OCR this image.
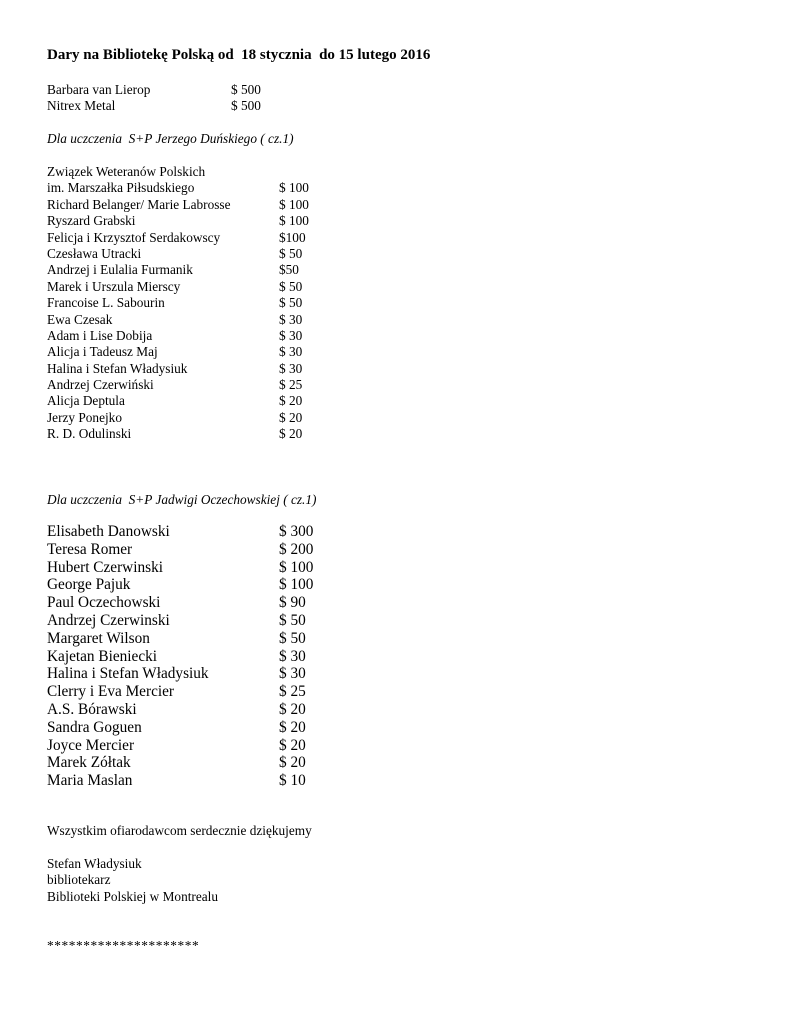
Dary na Bibliotekę Polską od  18 stycznia  do 15 lutego 2016
Barbara van Lierop	$ 500
Nitrex Metal	$ 500
Dla uczczenia  S+P Jerzego Duńskiego ( cz.1)
Związek Weteranów Polskich
im. Marszałka Piłsudskiego	$ 100
Richard Belanger/ Marie Labrosse	$ 100
Ryszard Grabski	$ 100
Felicja i Krzysztof Serdakowscy	$100
Czesława Utracki	$ 50
Andrzej i Eulalia Furmanik	$50
Marek i Urszula Mierscy	$ 50
Francoise L. Sabourin	$ 50
Ewa Czesak	$ 30
Adam i Lise Dobija	$ 30
Alicja i Tadeusz Maj	$ 30
Halina i Stefan Władysiuk	$ 30
Andrzej Czerwiński	$ 25
Alicja Deptula	$ 20
Jerzy Ponejko	$ 20
R. D. Odulinski	$ 20
Dla uczczenia  S+P Jadwigi Oczechowskiej ( cz.1)
Elisabeth Danowski	$ 300
Teresa Romer	$ 200
Hubert Czerwinski	$ 100
George Pajuk	$ 100
Paul Oczechowski	$ 90
Andrzej Czerwinski	$ 50
Margaret Wilson	$ 50
Kajetan Bieniecki	$ 30
Halina i Stefan Władysiuk	$ 30
Clerry i Eva Mercier	$ 25
A.S. Bórawski	$ 20
Sandra Goguen	$ 20
Joyce Mercier	$ 20
Marek Zółtak	$ 20
Maria Maslan	$ 10
Wszystkim ofiarodawcom serdecznie dziękujemy
Stefan Władysiuk
bibliotekarz
Biblioteki Polskiej w Montrealu
*********************
